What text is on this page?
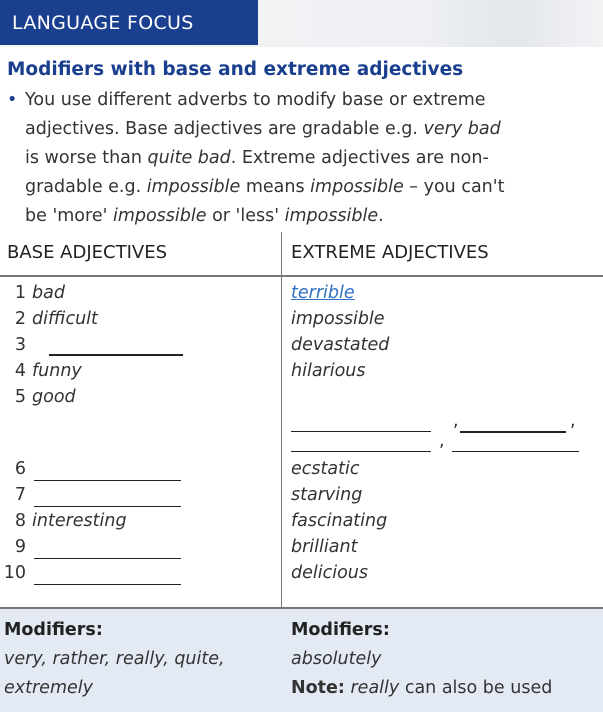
LANGUAGE FOCUS
Modifiers with base and extreme adjectives
• You use different adverbs to modify base or extreme
adjectives. Base adjectives are gradable e.g. very bad
is worse than quite bad. Extreme adjectives are non-
gradable e.g. impossible means impossible – you can't
be 'more' impossible or 'less' impossible.
BASE ADJECTIVES	EXTREME ADJECTIVES
1 bad	terrible
2 difficult	impossible
3	devastated
4 funny	hilarious
5 good
,	,
,
6	ecstatic
7	starving
8 interesting	fascinating
9	brilliant
10	delicious
Modifiers:
very, rather, really, quite,
extremely
Modifiers:
absolutely
Note: really can also be used
